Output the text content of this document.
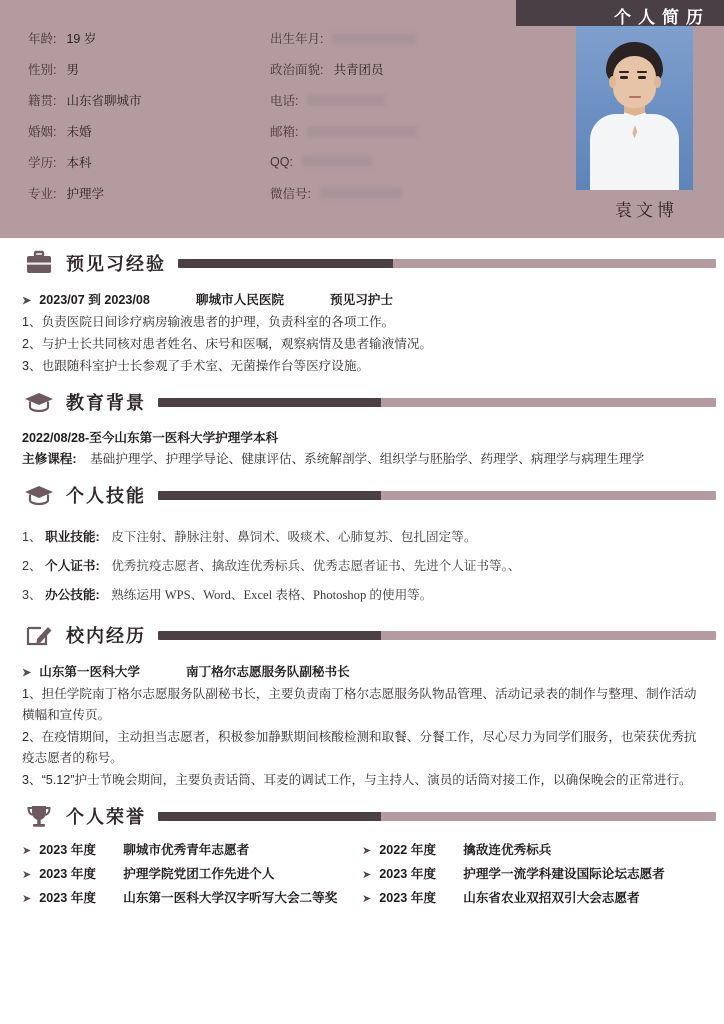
个人简历
袁文博
年龄: 19 岁	出生年月:
性别: 男	政治面貌: 共青团员
籍贯: 山东省聊城市	电话:
婚姻: 未婚	邮箱:
学历: 本科	QQ:
专业: 护理学	微信号:
预见习经验
➤ 2023/07 到 2023/08	聊城市人民医院	预见习护士
1、负责医院日间诊疗病房输液患者的护理，负责科室的各项工作。
2、与护士长共同核对患者姓名、床号和医嘱，观察病情及患者输液情况。
3、也跟随科室护士长参观了手术室、无菌操作台等医疗设施。
教育背景
2022/08/28-至今 山东第一医科大学 护理学 本科
主修课程: 基础护理学、护理学导论、健康评估、系统解剖学、组织学与胚胎学、药理学、病理学与病理生理学
个人技能
1、 职业技能: 皮下注射、静脉注射、鼻饲术、吸痰术、心肺复苏、包扎固定等。
2、 个人证书: 优秀抗疫志愿者、擒敌连优秀标兵、优秀志愿者证书、先进个人证书等。、
3、 办公技能: 熟练运用 WPS、Word、Excel 表格、Photoshop 的使用等。
校内经历
➤ 山东第一医科大学	南丁格尔志愿服务队副秘书长
1、担任学院南丁格尔志愿服务队副秘书长，主要负责南丁格尔志愿服务队物品管理、活动记录表的制作与整理、制作活动横幅和宣传页。
2、在疫情期间，主动担当志愿者，积极参加静默期间核酸检测和取餐、分餐工作，尽心尽力为同学们服务，也荣获优秀抗疫志愿者的称号。
3、“5.12”护士节晚会期间，主要负责话筒、耳麦的调试工作，与主持人、演员的话筒对接工作，以确保晚会的正常进行。
个人荣誉
➤ 2023 年度	聊城市优秀青年志愿者	➤ 2022 年度	擒敌连优秀标兵
➤ 2023 年度	护理学院党团工作先进个人	➤ 2023 年度	护理学一流学科建设国际论坛志愿者
➤ 2023 年度	山东第一医科大学汉字听写大会二等奖 ➤ 2023 年度	山东省农业双招双引大会志愿者
